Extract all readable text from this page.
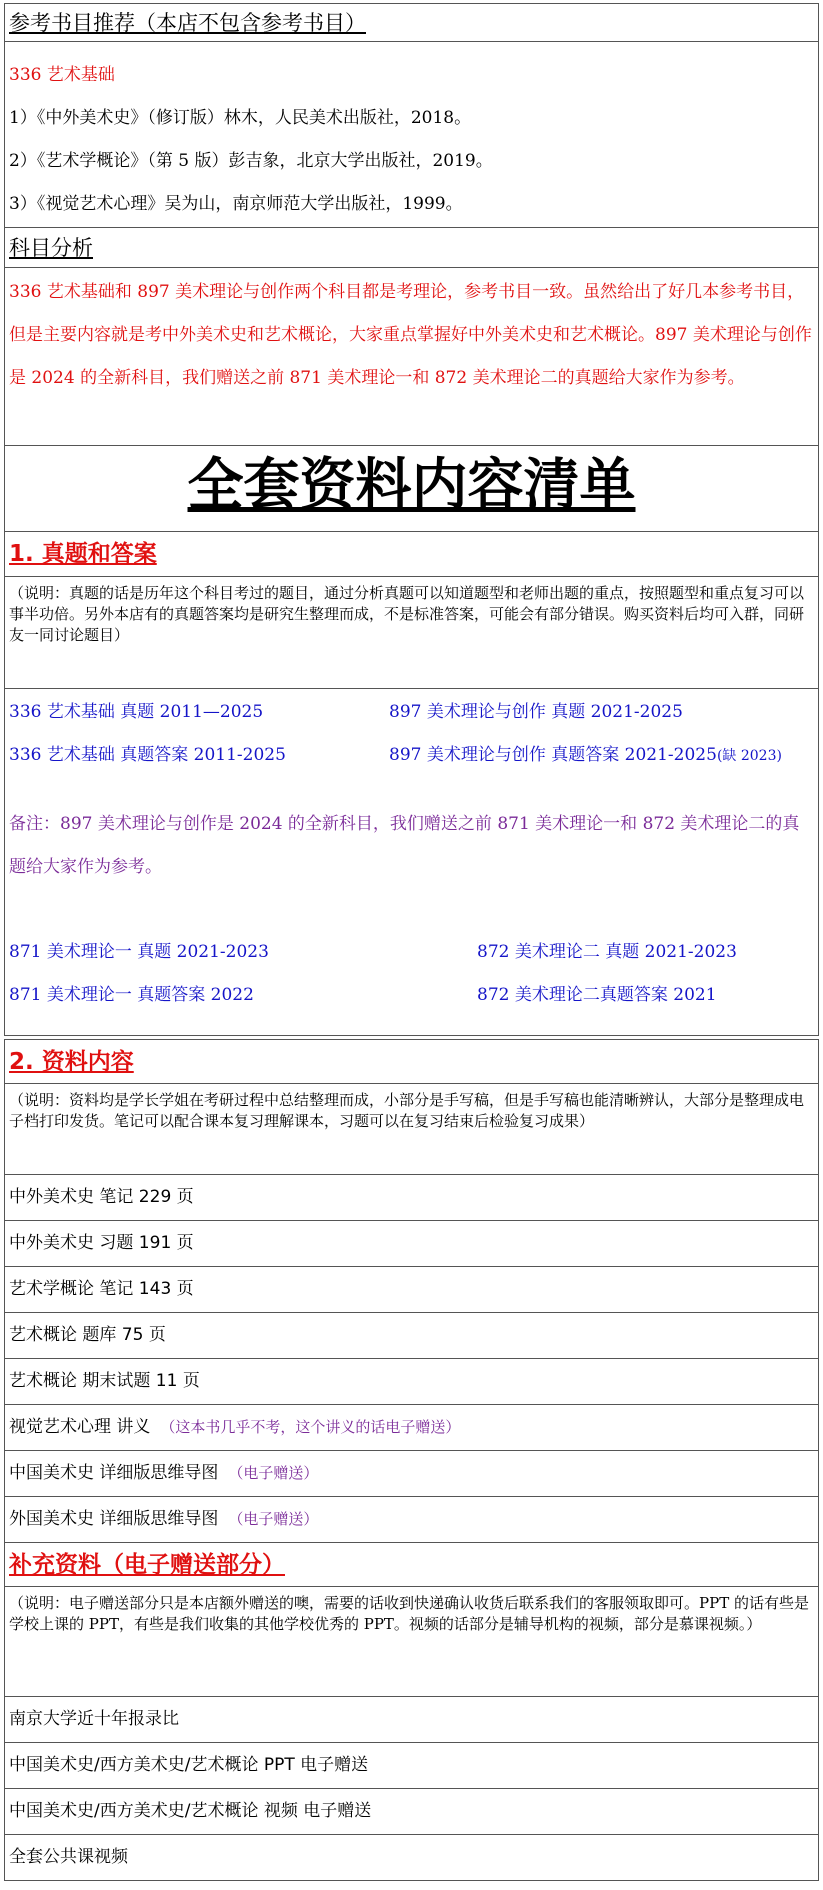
参考书目推荐（本店不包含参考书目）
336 艺术基础
1）《中外美术史》（修订版）林木，人民美术出版社，2018。
2）《艺术学概论》（第 5 版）彭吉象，北京大学出版社，2019。
3）《视觉艺术心理》吴为山，南京师范大学出版社，1999。
科目分析
336 艺术基础和 897 美术理论与创作两个科目都是考理论，参考书目一致。虽然给出了好几本参考书目，但是主要内容就是考中外美术史和艺术概论，大家重点掌握好中外美术史和艺术概论。897 美术理论与创作是 2024 的全新科目，我们赠送之前 871 美术理论一和 872 美术理论二的真题给大家作为参考。
全套资料内容清单
1. 真题和答案
（说明：真题的话是历年这个科目考过的题目，通过分析真题可以知道题型和老师出题的重点，按照题型和重点复习可以事半功倍。另外本店有的真题答案均是研究生整理而成，不是标准答案，可能会有部分错误。购买资料后均可入群，同研友一同讨论题目）
336 艺术基础 真题 2011—2025	897 美术理论与创作 真题 2021-2025
336 艺术基础 真题答案 2011-2025	897 美术理论与创作 真题答案 2021-2025(缺 2023)
备注：897 美术理论与创作是 2024 的全新科目，我们赠送之前 871 美术理论一和 872 美术理论二的真题给大家作为参考。
871 美术理论一 真题 2021-2023	872 美术理论二 真题 2021-2023
871 美术理论一 真题答案 2022	872 美术理论二真题答案 2021
2. 资料内容
（说明：资料均是学长学姐在考研过程中总结整理而成，小部分是手写稿，但是手写稿也能清晰辨认，大部分是整理成电子档打印发货。笔记可以配合课本复习理解课本，习题可以在复习结束后检验复习成果）
中外美术史 笔记 229 页
中外美术史 习题 191 页
艺术学概论 笔记 143 页
艺术概论 题库 75 页
艺术概论 期末试题 11 页
视觉艺术心理 讲义 （这本书几乎不考，这个讲义的话电子赠送）
中国美术史 详细版思维导图 （电子赠送）
外国美术史 详细版思维导图 （电子赠送）
补充资料（电子赠送部分）
（说明：电子赠送部分只是本店额外赠送的噢，需要的话收到快递确认收货后联系我们的客服领取即可。PPT 的话有些是学校上课的 PPT，有些是我们收集的其他学校优秀的 PPT。视频的话部分是辅导机构的视频，部分是慕课视频。）
南京大学近十年报录比
中国美术史/西方美术史/艺术概论 PPT 电子赠送
中国美术史/西方美术史/艺术概论 视频 电子赠送
全套公共课视频
